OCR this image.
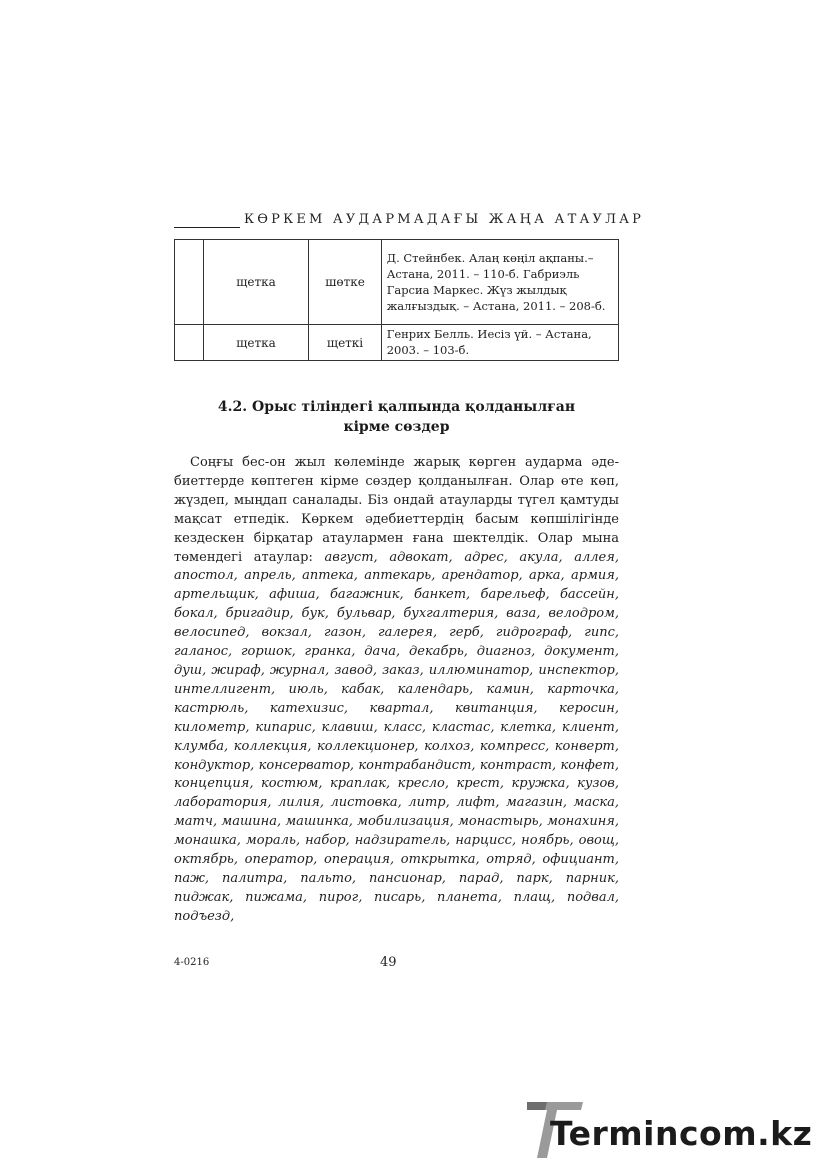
КӨРКЕМ АУДАРМАДАҒЫ ЖАҢА АТАУЛАР
	щетка	шөтке	Д. Стейнбек. Алаң көңіл ақпаны.– Астана, 2011. – 110-б. Габриэль Гарсиа Маркес. Жүз жылдық жалғыздық. – Астана, 2011. – 208-б.
	щетка	щеткі	Генрих Белль. Иесіз үй. – Астана, 2003. – 103-б.
4.2. Орыс тіліндегі қалпында қолданылған
кірме сөздер

Соңғы бес-он жыл көлемінде жарық көрген аударма әдебиеттерде көптеген кірме сөздер қолданылған. Олар өте көп, жүздеп, мыңдап саналады. Біз ондай атауларды түгел қамтуды мақсат етпедік. Көркем әдебиеттердің басым көпшілігінде кездескен бірқатар атаулармен ғана шектелдік. Олар мына төмендегі атаулар: август, адвокат, адрес, акула, аллея, апостол, апрель, аптека, аптекарь, арендатор, арка, армия, артельщик, афиша, багажник, банкет, барельеф, бассейн, бокал, бригадир, бук, бульвар, бухгалтерия, ваза, велодром, велосипед, вокзал, газон, галерея, герб, гидрограф, гипс, галанос, горшок, гранка, дача, декабрь, диагноз, документ, душ, жираф, журнал, завод, заказ, иллюминатор, инспектор, интеллигент, июль, кабак, календарь, камин, карточка, кастрюль, катехизис, квартал, квитанция, керосин, километр, кипарис, клавиш, класс, кластас, клетка, клиент, клумба, коллекция, коллекционер, колхоз, компресс, конверт, кондуктор, консерватор, контрабандист, контраст, конфет, концепция, костюм, краплак, кресло, крест, кружка, кузов, лаборатория, лилия, листовка, литр, лифт, магазин, маска, матч, машина, машинка, мобилизация, монастырь, монахиня, монашка, мораль, набор, надзиратель, нарцисс, ноябрь, овощ, октябрь, оператор, операция, открытка, отряд, официант, паж, палитра, пальто, пансионар, парад, парк, парник, пиджак, пижама, пирог, писарь, планета, плащ, подвал, подъезд,

4-0216	49
Termincom.kz
